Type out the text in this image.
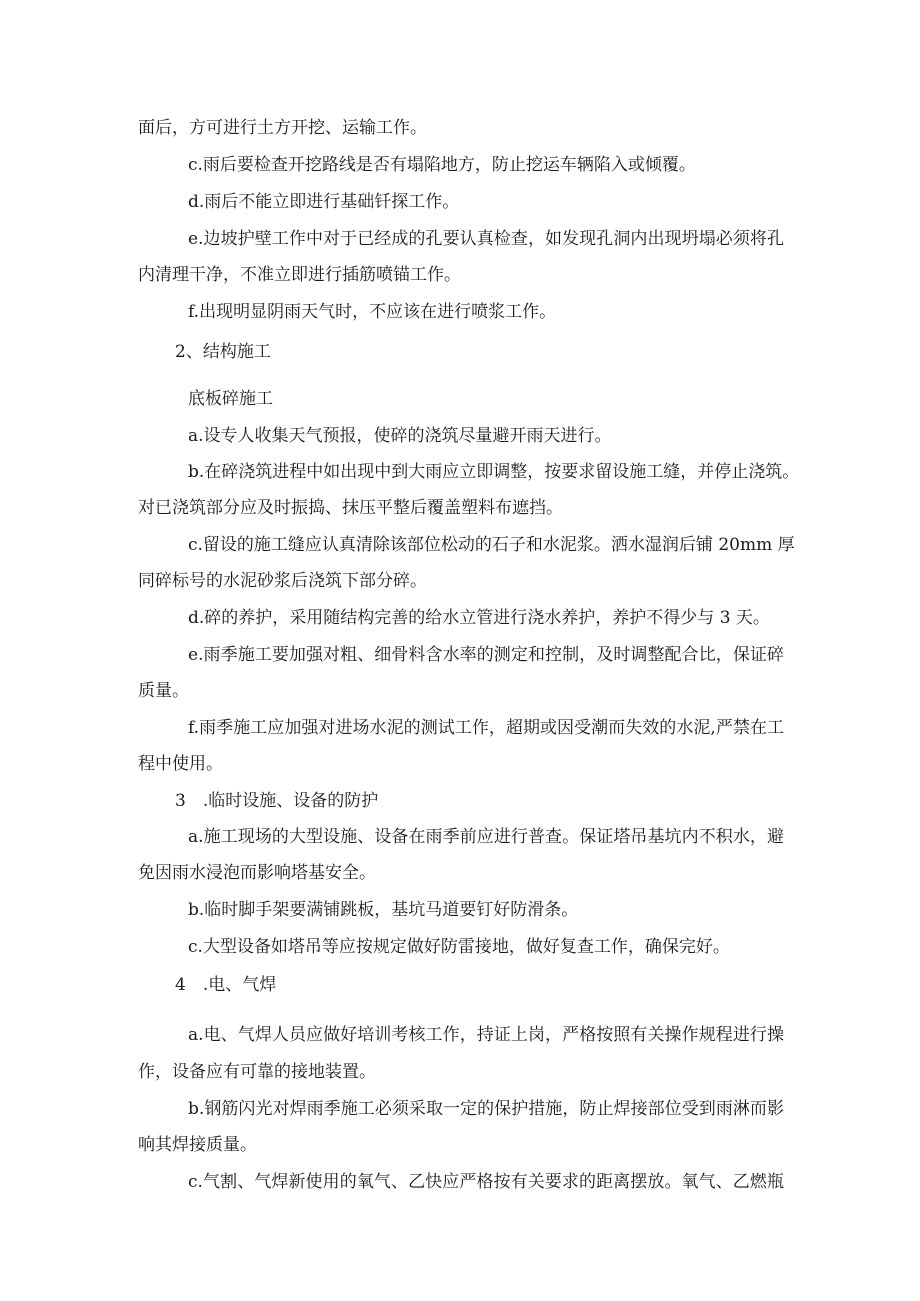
面后，方可进行土方开挖、运输工作。
c.雨后要检查开挖路线是否有塌陷地方，防止挖运车辆陷入或倾覆。
d.雨后不能立即进行基础钎探工作。
e.边坡护壁工作中对于已经成的孔要认真检查，如发现孔洞内出现坍塌必须将孔
内清理干净，不准立即进行插筋喷锚工作。
f.出现明显阴雨天气时，不应该在进行喷浆工作。
2、结构施工
底板碎施工
a.设专人收集天气预报，使碎的浇筑尽量避开雨天进行。
b.在碎浇筑进程中如出现中到大雨应立即调整，按要求留设施工缝，并停止浇筑。
对已浇筑部分应及时振捣、抹压平整后覆盖塑料布遮挡。
c.留设的施工缝应认真清除该部位松动的石子和水泥浆。洒水湿润后铺 20mm 厚
同碎标号的水泥砂浆后浇筑下部分碎。
d.碎的养护，采用随结构完善的给水立管进行浇水养护，养护不得少与 3 天。
e.雨季施工要加强对粗、细骨料含水率的测定和控制，及时调整配合比，保证碎
质量。
f.雨季施工应加强对进场水泥的测试工作，超期或因受潮而失效的水泥,严禁在工
程中使用。
3 .临时设施、设备的防护
a.施工现场的大型设施、设备在雨季前应进行普查。保证塔吊基坑内不积水，避
免因雨水浸泡而影响塔基安全。
b.临时脚手架要满铺跳板，基坑马道要钉好防滑条。
c.大型设备如塔吊等应按规定做好防雷接地，做好复查工作，确保完好。
4 .电、气焊
a.电、气焊人员应做好培训考核工作，持证上岗，严格按照有关操作规程进行操
作，设备应有可靠的接地装置。
b.钢筋闪光对焊雨季施工必须采取一定的保护措施，防止焊接部位受到雨淋而影
响其焊接质量。
c.气割、气焊新使用的氧气、乙快应严格按有关要求的距离摆放。氧气、乙燃瓶
